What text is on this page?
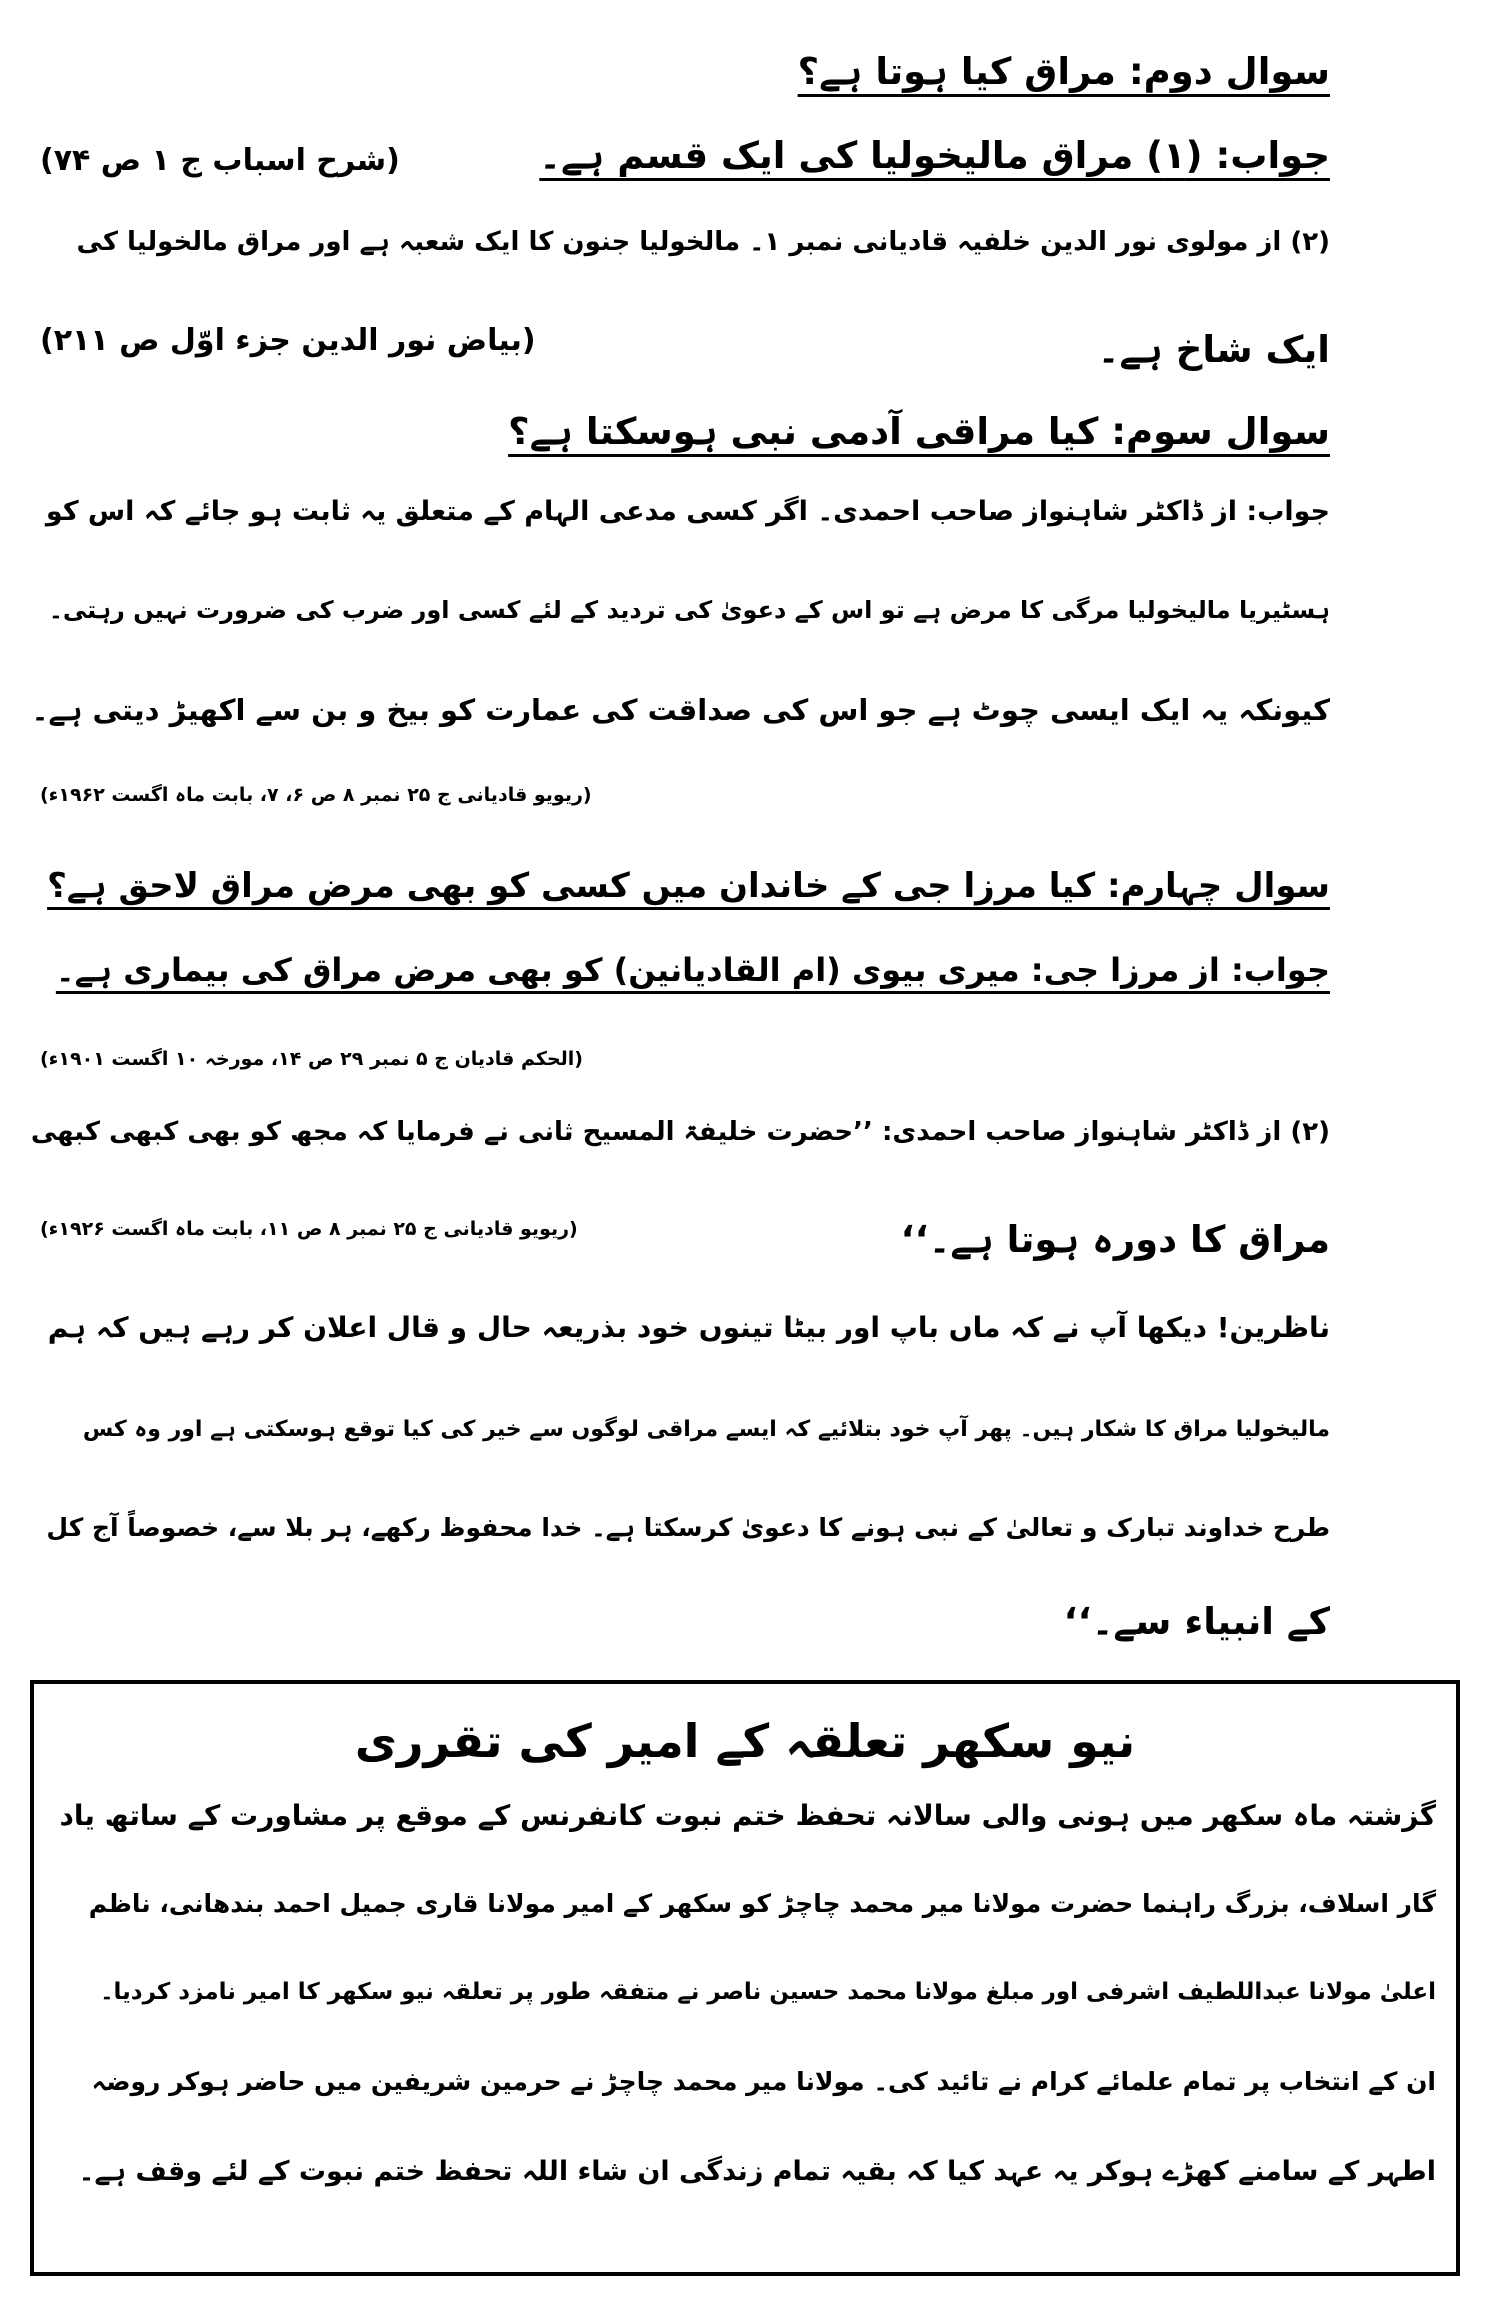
سوال دوم: مراق کیا ہوتا ہے؟
جواب: (۱) مراق مالیخولیا کی ایک قسم ہے۔
(شرح اسباب ج ۱ ص ۷۴)
(۲) از مولوی نور الدین خلفیہ قادیانی نمبر ۱۔ مالخولیا جنون کا ایک شعبہ ہے اور مراق مالخولیا کی
ایک شاخ ہے۔
(بیاض نور الدین جزء اوّل ص ۲۱۱)
سوال سوم: کیا مراقی آدمی نبی ہوسکتا ہے؟
جواب: از ڈاکٹر شاہنواز صاحب احمدی۔ اگر کسی مدعی الہام کے متعلق یہ ثابت ہو جائے کہ اس کو
ہسٹیریا مالیخولیا مرگی کا مرض ہے تو اس کے دعویٰ کی تردید کے لئے کسی اور ضرب کی ضرورت نہیں رہتی۔
کیونکہ یہ ایک ایسی چوٹ ہے جو اس کی صداقت کی عمارت کو بیخ و بن سے اکھیڑ دیتی ہے۔
(ریویو قادیانی ج ۲۵ نمبر ۸ ص ۶، ۷، بابت ماہ اگست ۱۹۶۲ء)
سوال چہارم: کیا مرزا جی کے خاندان میں کسی کو بھی مرض مراق لاحق ہے؟
جواب: از مرزا جی: میری بیوی (ام القادیانین) کو بھی مرض مراق کی بیماری ہے۔
(الحکم قادیان ج ۵ نمبر ۲۹ ص ۱۴، مورخہ ۱۰ اگست ۱۹۰۱ء)
(۲) از ڈاکٹر شاہنواز صاحب احمدی: ’’حضرت خلیفۃ المسیح ثانی نے فرمایا کہ مجھ کو بھی کبھی کبھی
مراق کا دورہ ہوتا ہے۔‘‘
(ریویو قادیانی ج ۲۵ نمبر ۸ ص ۱۱، بابت ماہ اگست ۱۹۲۶ء)
ناظرین! دیکھا آپ نے کہ ماں باپ اور بیٹا تینوں خود بذریعہ حال و قال اعلان کر رہے ہیں کہ ہم
مالیخولیا مراق کا شکار ہیں۔ پھر آپ خود بتلائیے کہ ایسے مراقی لوگوں سے خیر کی کیا توقع ہوسکتی ہے اور وہ کس
طرح خداوند تبارک و تعالیٰ کے نبی ہونے کا دعویٰ کرسکتا ہے۔ خدا محفوظ رکھے، ہر بلا سے، خصوصاً آج کل
کے انبیاء سے۔‘‘
نیو سکھر تعلقہ کے امیر کی تقرری
گزشتہ ماہ سکھر میں ہونی والی سالانہ تحفظ ختم نبوت کانفرنس کے موقع پر مشاورت کے ساتھ یاد
گار اسلاف، بزرگ راہنما حضرت مولانا میر محمد چاچڑ کو سکھر کے امیر مولانا قاری جمیل احمد بندھانی، ناظم
اعلیٰ مولانا عبداللطیف اشرفی اور مبلغ مولانا محمد حسین ناصر نے متفقہ طور پر تعلقہ نیو سکھر کا امیر نامزد کردیا۔
ان کے انتخاب پر تمام علمائے کرام نے تائید کی۔ مولانا میر محمد چاچڑ نے حرمین شریفین میں حاضر ہوکر روضہ
اطہر کے سامنے کھڑے ہوکر یہ عہد کیا کہ بقیہ تمام زندگی ان شاء اللہ تحفظ ختم نبوت کے لئے وقف ہے۔
